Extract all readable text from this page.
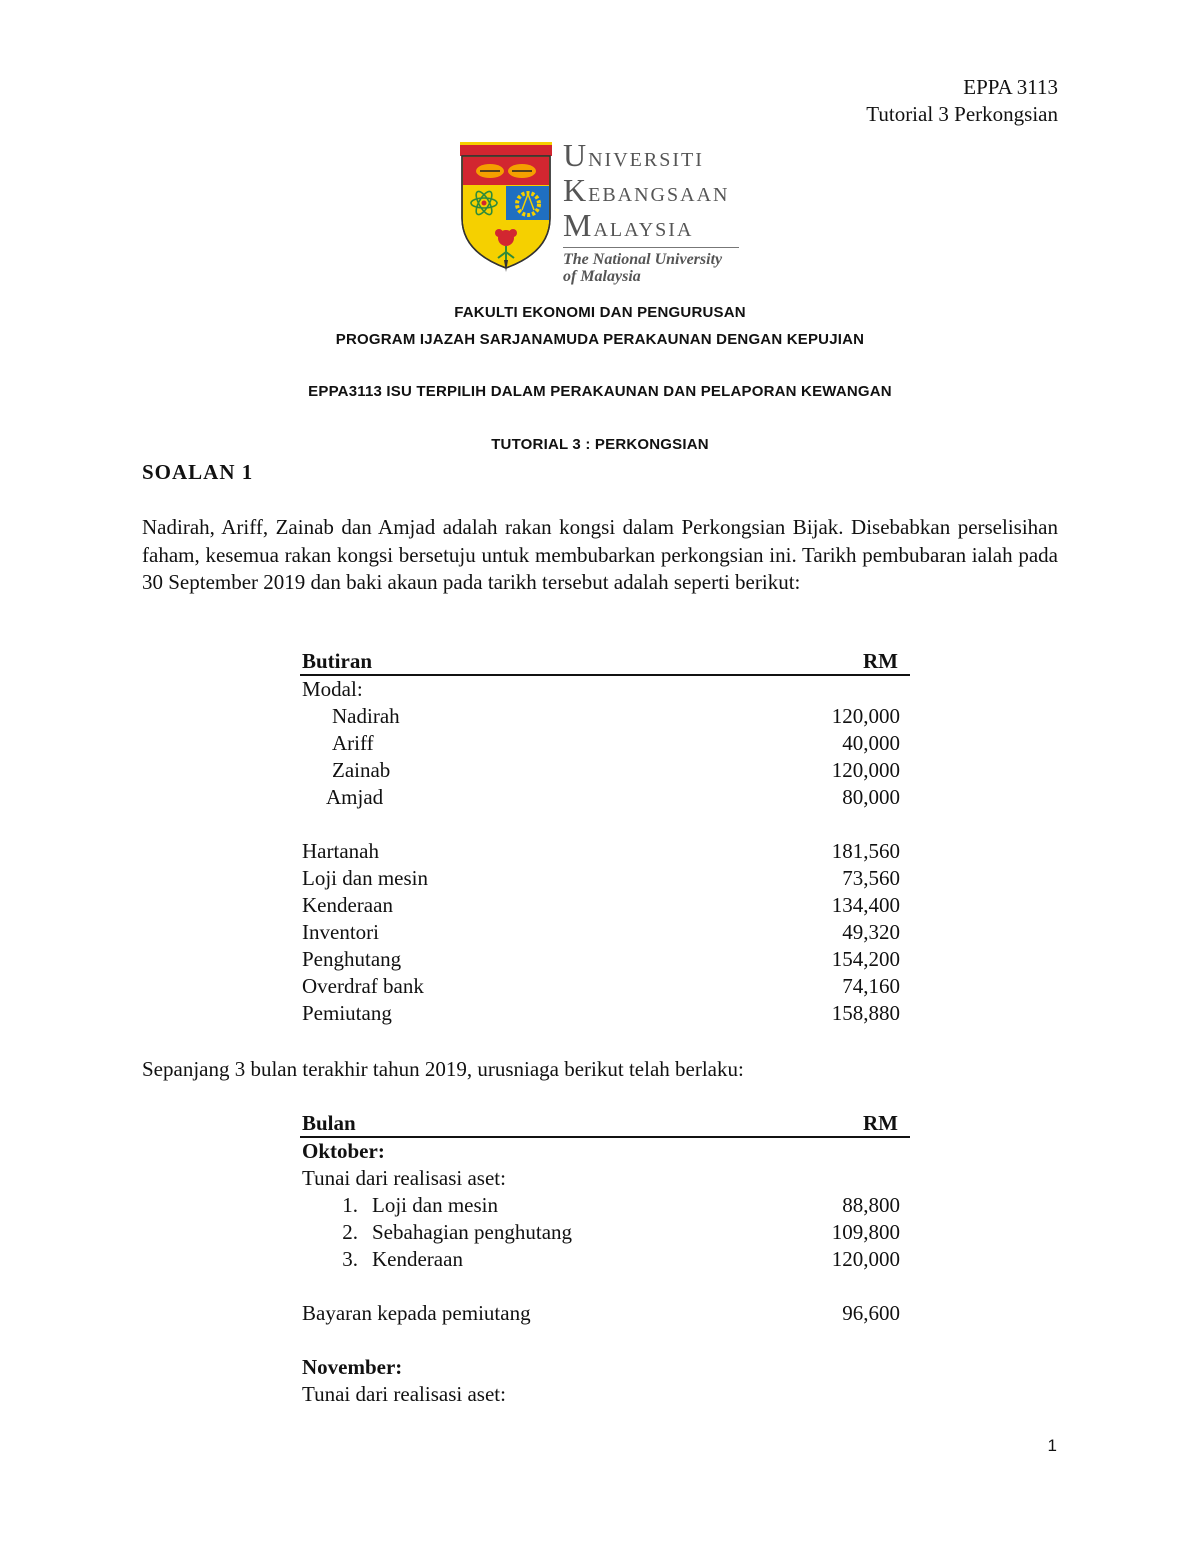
EPPA 3113
Tutorial 3 Perkongsian
UNIVERSITI
KEBANGSAAN
MALAYSIA
The National University
of Malaysia
FAKULTI EKONOMI DAN PENGURUSAN
PROGRAM IJAZAH SARJANAMUDA PERAKAUNAN DENGAN KEPUJIAN
EPPA3113 ISU TERPILIH DALAM PERAKAUNAN DAN PELAPORAN KEWANGAN
TUTORIAL 3 : PERKONGSIAN
SOALAN 1
Nadirah, Ariff, Zainab dan Amjad adalah rakan kongsi dalam Perkongsian Bijak. Disebabkan perselisihan faham, kesemua rakan kongsi bersetuju untuk membubarkan perkongsian ini. Tarikh pembubaran ialah pada 30 September 2019 dan baki akaun pada tarikh tersebut adalah seperti berikut:
Butiran	RM
Modal:
Nadirah	120,000
Ariff	40,000
Zainab	120,000
Amjad	80,000
Hartanah	181,560
Loji dan mesin	73,560
Kenderaan	134,400
Inventori	49,320
Penghutang	154,200
Overdraf bank	74,160
Pemiutang	158,880
Sepanjang 3 bulan terakhir tahun 2019, urusniaga berikut telah berlaku:
Bulan	RM
Oktober:
Tunai dari realisasi aset:
1. Loji dan mesin	88,800
2. Sebahagian penghutang	109,800
3. Kenderaan	120,000
Bayaran kepada pemiutang	96,600
November:
Tunai dari realisasi aset:
1
